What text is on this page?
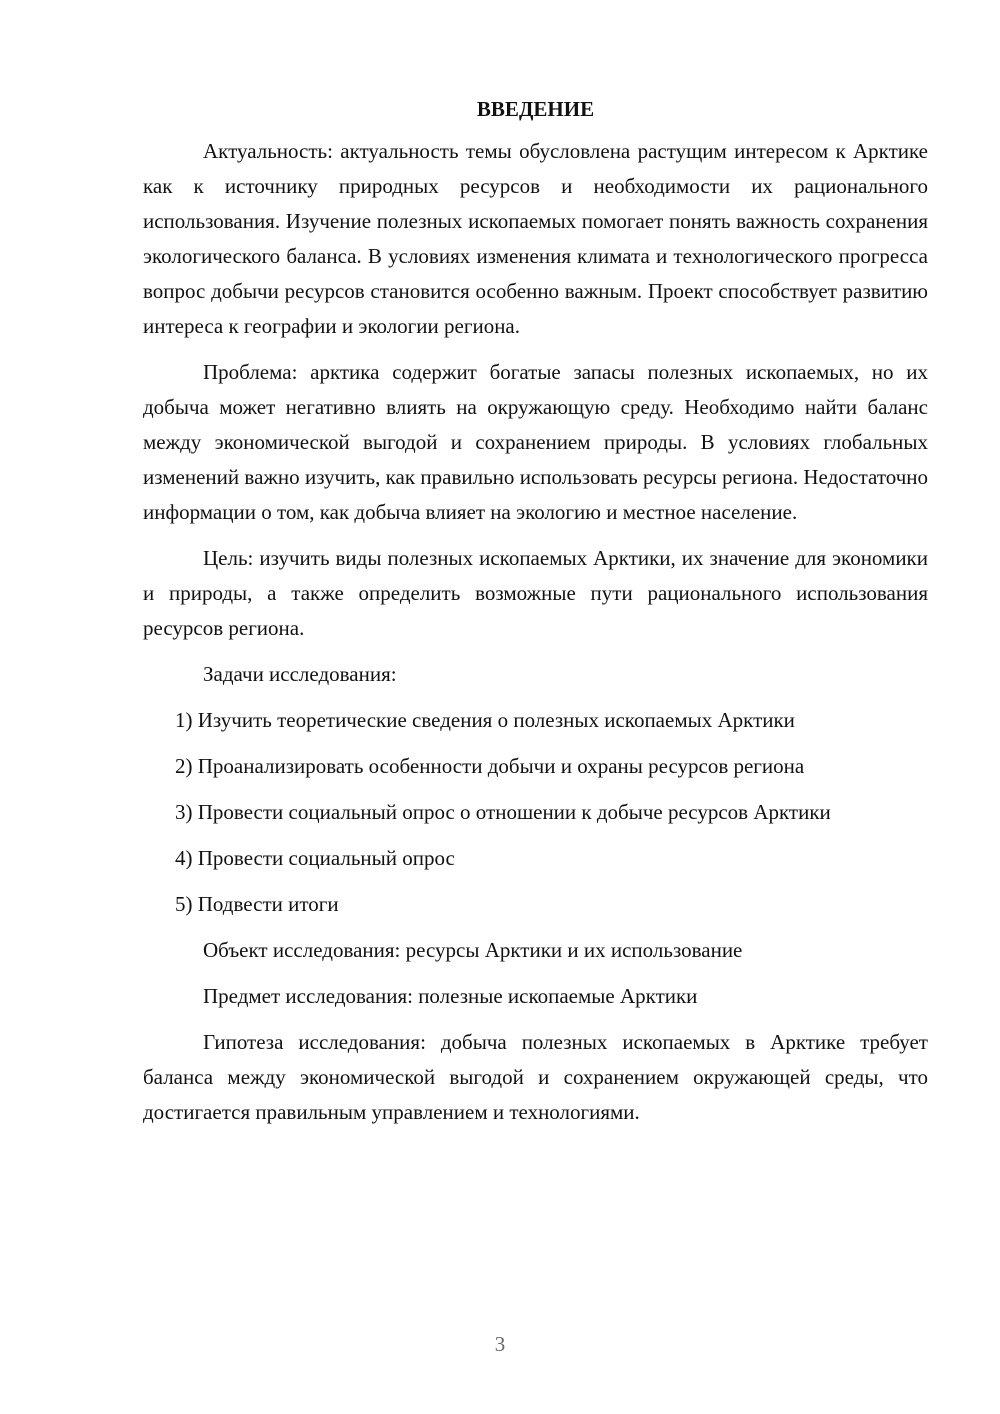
ВВЕДЕНИЕ

Актуальность: актуальность темы обусловлена растущим интересом к Арктике как к источнику природных ресурсов и необходимости их рационального использования. Изучение полезных ископаемых помогает понять важность сохранения экологического баланса. В условиях изменения климата и технологического прогресса вопрос добычи ресурсов становится особенно важным. Проект способствует развитию интереса к географии и экологии региона.

Проблема: арктика содержит богатые запасы полезных ископаемых, но их добыча может негативно влиять на окружающую среду. Необходимо найти баланс между экономической выгодой и сохранением природы. В условиях глобальных изменений важно изучить, как правильно использовать ресурсы региона. Недостаточно информации о том, как добыча влияет на экологию и местное население.

Цель: изучить виды полезных ископаемых Арктики, их значение для экономики и природы, а также определить возможные пути рационального использования ресурсов региона.

Задачи исследования:

1) Изучить теоретические сведения о полезных ископаемых Арктики

2) Проанализировать особенности добычи и охраны ресурсов региона

3) Провести социальный опрос о отношении к добыче ресурсов Арктики

4) Провести социальный опрос

5) Подвести итоги

Объект исследования: ресурсы Арктики и их использование

Предмет исследования: полезные ископаемые Арктики

Гипотеза исследования: добыча полезных ископаемых в Арктике требует баланса между экономической выгодой и сохранением окружающей среды, что достигается правильным управлением и технологиями.

3
